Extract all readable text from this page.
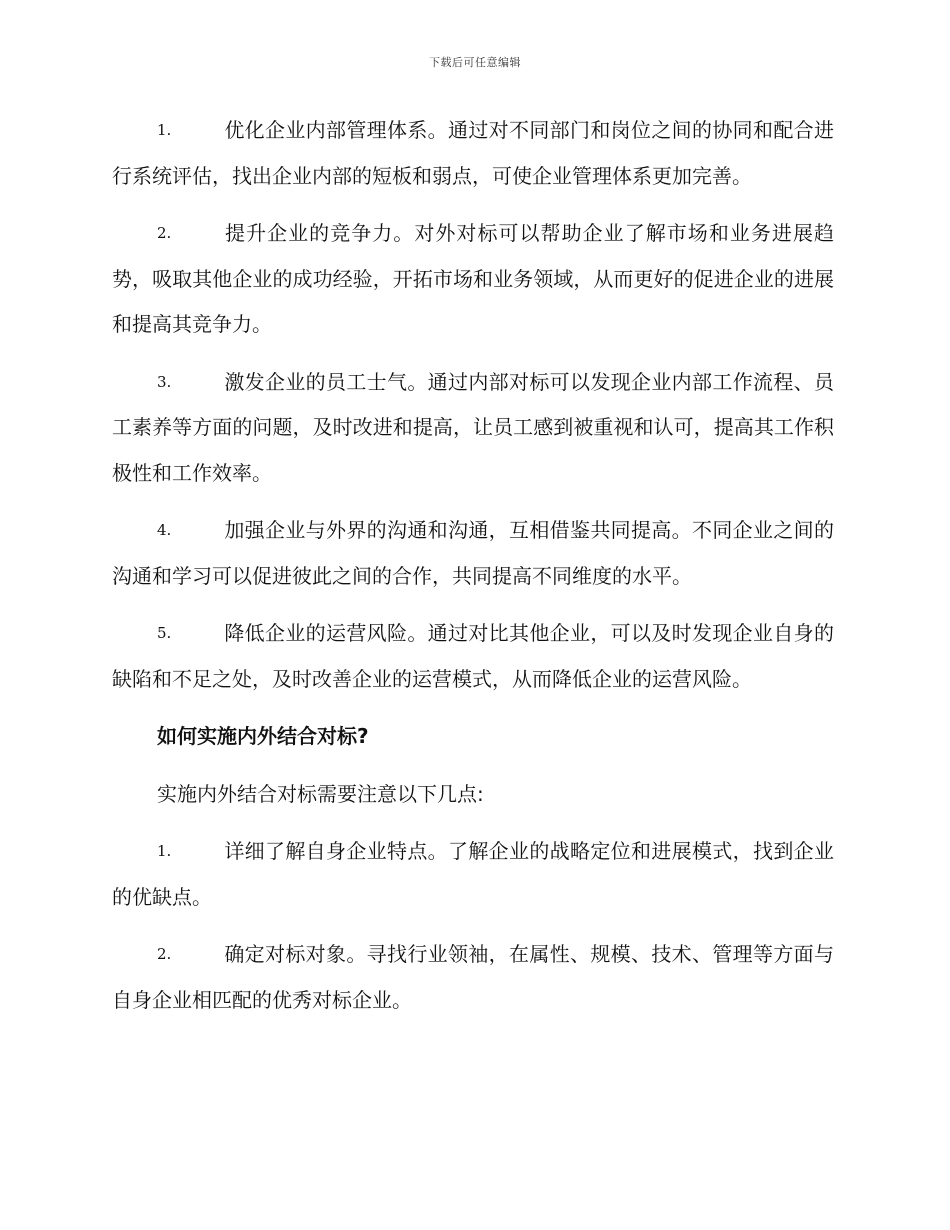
下载后可任意编辑

1.	优化企业内部管理体系。通过对不同部门和岗位之间的协同和配合进行系统评估，找出企业内部的短板和弱点，可使企业管理体系更加完善。

2.	提升企业的竞争力。对外对标可以帮助企业了解市场和业务进展趋势，吸取其他企业的成功经验，开拓市场和业务领域，从而更好的促进企业的进展和提高其竞争力。

3.	激发企业的员工士气。通过内部对标可以发现企业内部工作流程、员工素养等方面的问题，及时改进和提高，让员工感到被重视和认可，提高其工作积极性和工作效率。

4.	加强企业与外界的沟通和沟通，互相借鉴共同提高。不同企业之间的沟通和学习可以促进彼此之间的合作，共同提高不同维度的水平。

5.	降低企业的运营风险。通过对比其他企业，可以及时发现企业自身的缺陷和不足之处，及时改善企业的运营模式，从而降低企业的运营风险。

如何实施内外结合对标?

实施内外结合对标需要注意以下几点:

1.	详细了解自身企业特点。了解企业的战略定位和进展模式，找到企业的优缺点。

2.	确定对标对象。寻找行业领袖，在属性、规模、技术、管理等方面与自身企业相匹配的优秀对标企业。
